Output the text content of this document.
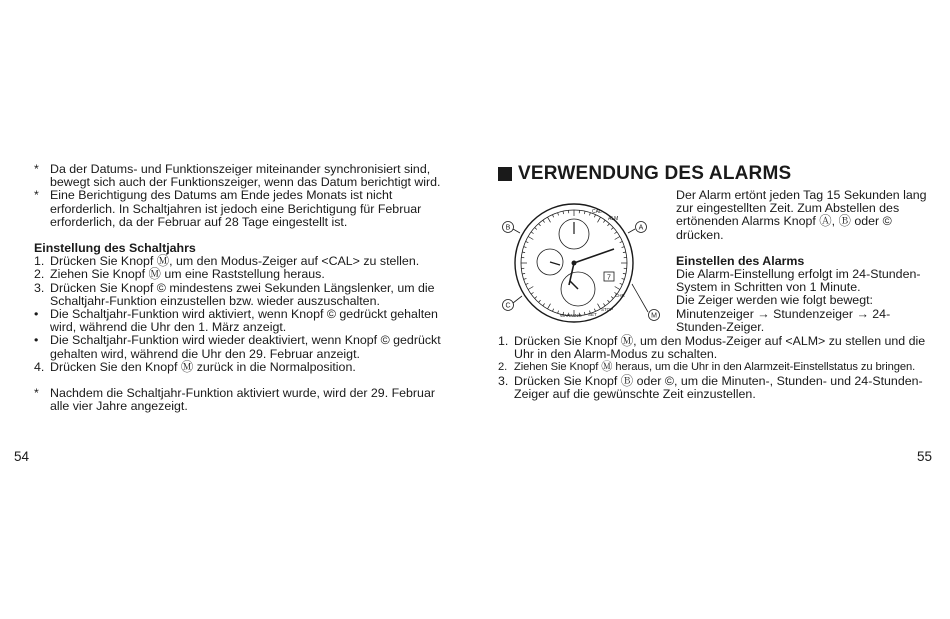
* Da der Datums- und Funktionszeiger miteinander synchronisiert sind, bewegt sich auch der Funktionszeiger, wenn das Datum berichtigt wird.

* Eine Berichtigung des Datums am Ende jedes Monats ist nicht erforderlich. In Schaltjahren ist jedoch eine Berichtigung für Februar erforderlich, da der Februar auf 28 Tage eingestellt ist.

Einstellung des Schaltjahrs

1. Drücken Sie Knopf Ⓜ, um den Modus-Zeiger auf <CAL> zu stellen.

2. Ziehen Sie Knopf Ⓜ um eine Raststellung heraus.

3. Drücken Sie Knopf © mindestens zwei Sekunden Längslenker, um die Schaltjahr-Funktion einzustellen bzw. wieder auszuschalten.

• Die Schaltjahr-Funktion wird aktiviert, wenn Knopf © gedrückt gehalten wird, während die Uhr den 1. März anzeigt.

• Die Schaltjahr-Funktion wird wieder deaktiviert, wenn Knopf © gedrückt gehalten wird, während die Uhr den 29. Februar anzeigt.

4. Drücken Sie den Knopf Ⓜ zurück in die Normalposition.

* Nachdem die Schaltjahr-Funktion aktiviert wurde, wird der 29. Februar alle vier Jahre angezeigt.

54
VERWENDUNG DES ALARMS
7
ALM
CAL
WARNING SET
STOP
CHR
B	A
C
M

Der Alarm ertönt jeden Tag 15 Sekunden lang zur eingestellten Zeit. Zum Abstellen des ertönenden Alarms Knopf Ⓐ, Ⓑ oder © drücken.

Einstellen des Alarms

Die Alarm-Einstellung erfolgt im 24-Stunden-System in Schritten von 1 Minute.

Die Zeiger werden wie folgt bewegt:

Minutenzeiger → Stundenzeiger → 24-Stunden-Zeiger.

1. Drücken Sie Knopf Ⓜ, um den Modus-Zeiger auf <ALM> zu stellen und die Uhr in den Alarm-Modus zu schalten.

2. Ziehen Sie Knopf Ⓜ heraus, um die Uhr in den Alarmzeit-Einstellstatus zu bringen.

3. Drücken Sie Knopf Ⓑ oder ©, um die Minuten-, Stunden- und 24-Stunden-Zeiger auf die gewünschte Zeit einzustellen.

55
